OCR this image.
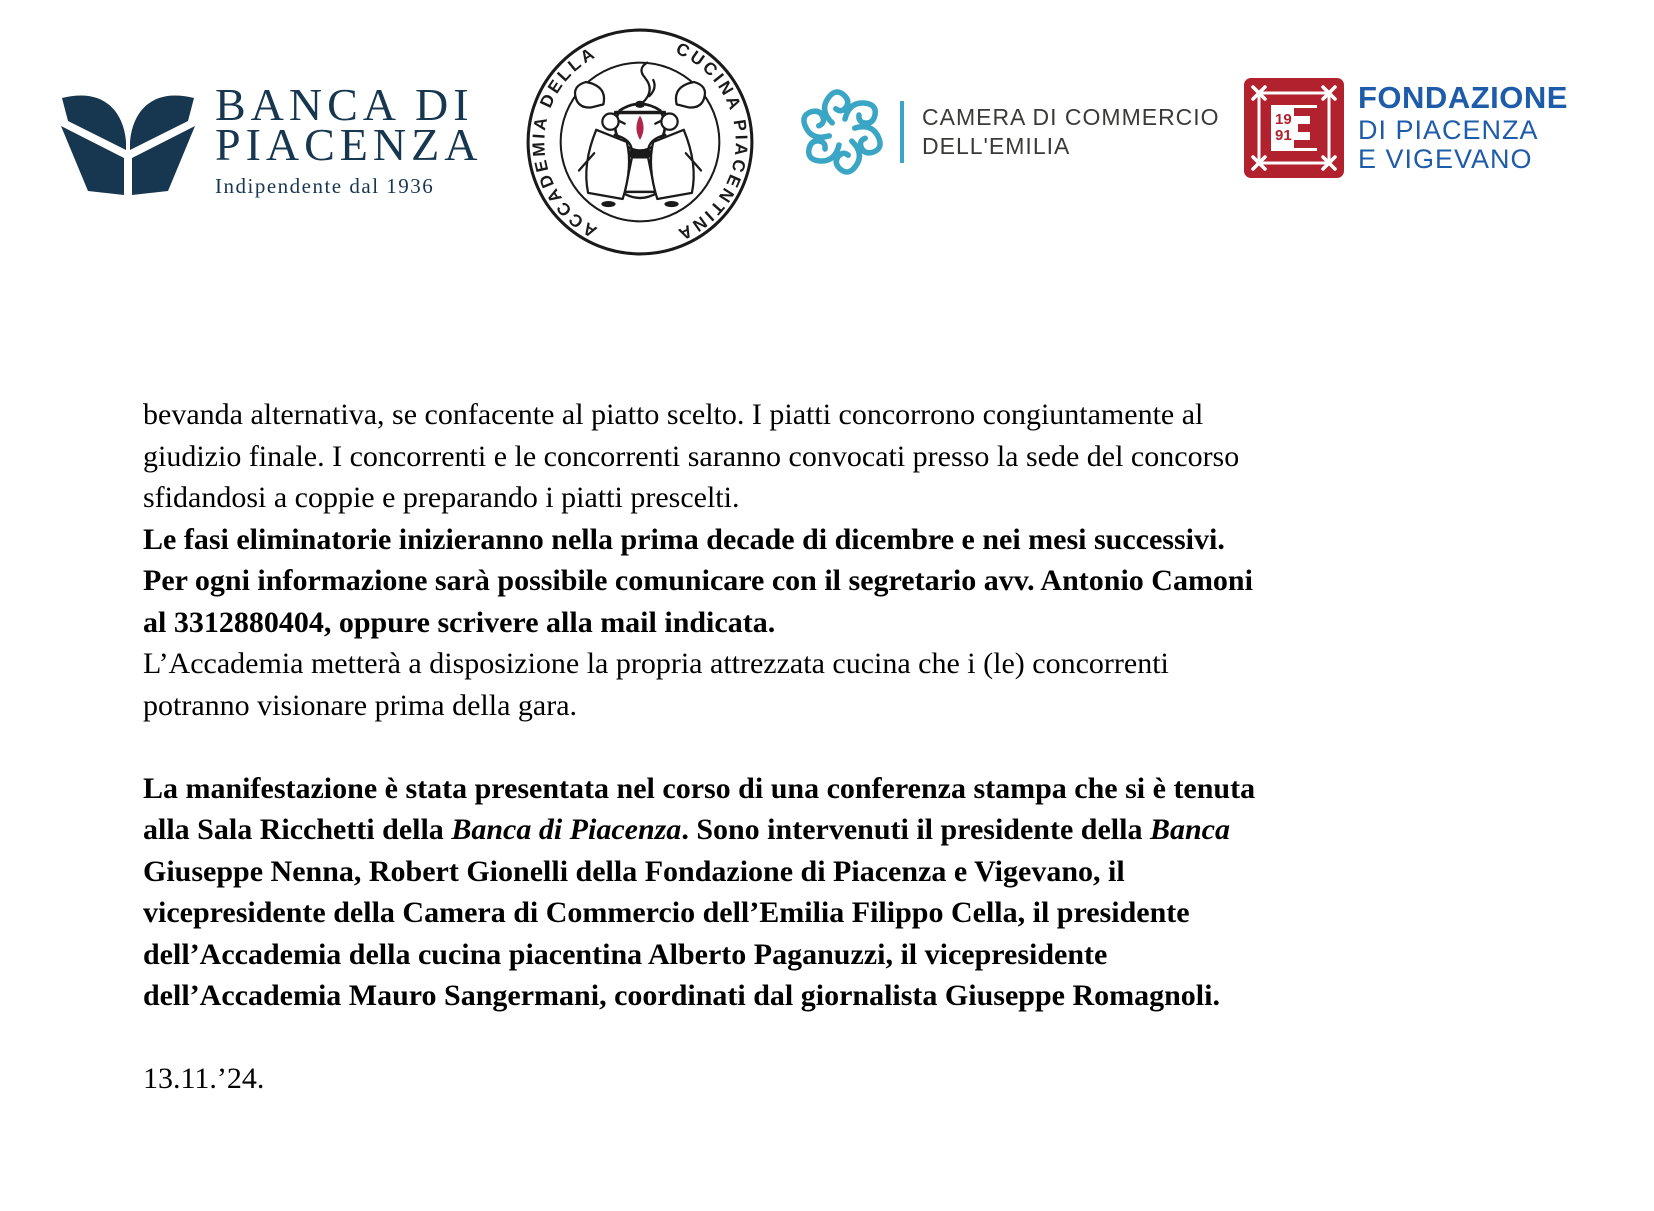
BANCA DI
PIACENZA
Indipendente dal 1936
ACCADEMIA DELLA	CUCINA PIACENTINA
CAMERA DI COMMERCIO
DELL'EMILIA
19
91
FONDAZIONE
DI PIACENZA
E VIGEVANO
bevanda alternativa, se confacente al piatto scelto. I piatti concorrono congiuntamente al
giudizio finale. I concorrenti e le concorrenti saranno convocati presso la sede del concorso
sfidandosi a coppie e preparando i piatti prescelti.
Le fasi eliminatorie inizieranno nella prima decade di dicembre e nei mesi successivi.
Per ogni informazione sarà possibile comunicare con il segretario avv. Antonio Camoni
al 3312880404, oppure scrivere alla mail indicata.
L’Accademia metterà a disposizione la propria attrezzata cucina che i (le) concorrenti
potranno visionare prima della gara.

La manifestazione è stata presentata nel corso di una conferenza stampa che si è tenuta
alla Sala Ricchetti della Banca di Piacenza. Sono intervenuti il presidente della Banca
Giuseppe Nenna, Robert Gionelli della Fondazione di Piacenza e Vigevano, il
vicepresidente della Camera di Commercio dell’Emilia Filippo Cella, il presidente
dell’Accademia della cucina piacentina Alberto Paganuzzi, il vicepresidente
dell’Accademia Mauro Sangermani, coordinati dal giornalista Giuseppe Romagnoli.

13.11.’24.
